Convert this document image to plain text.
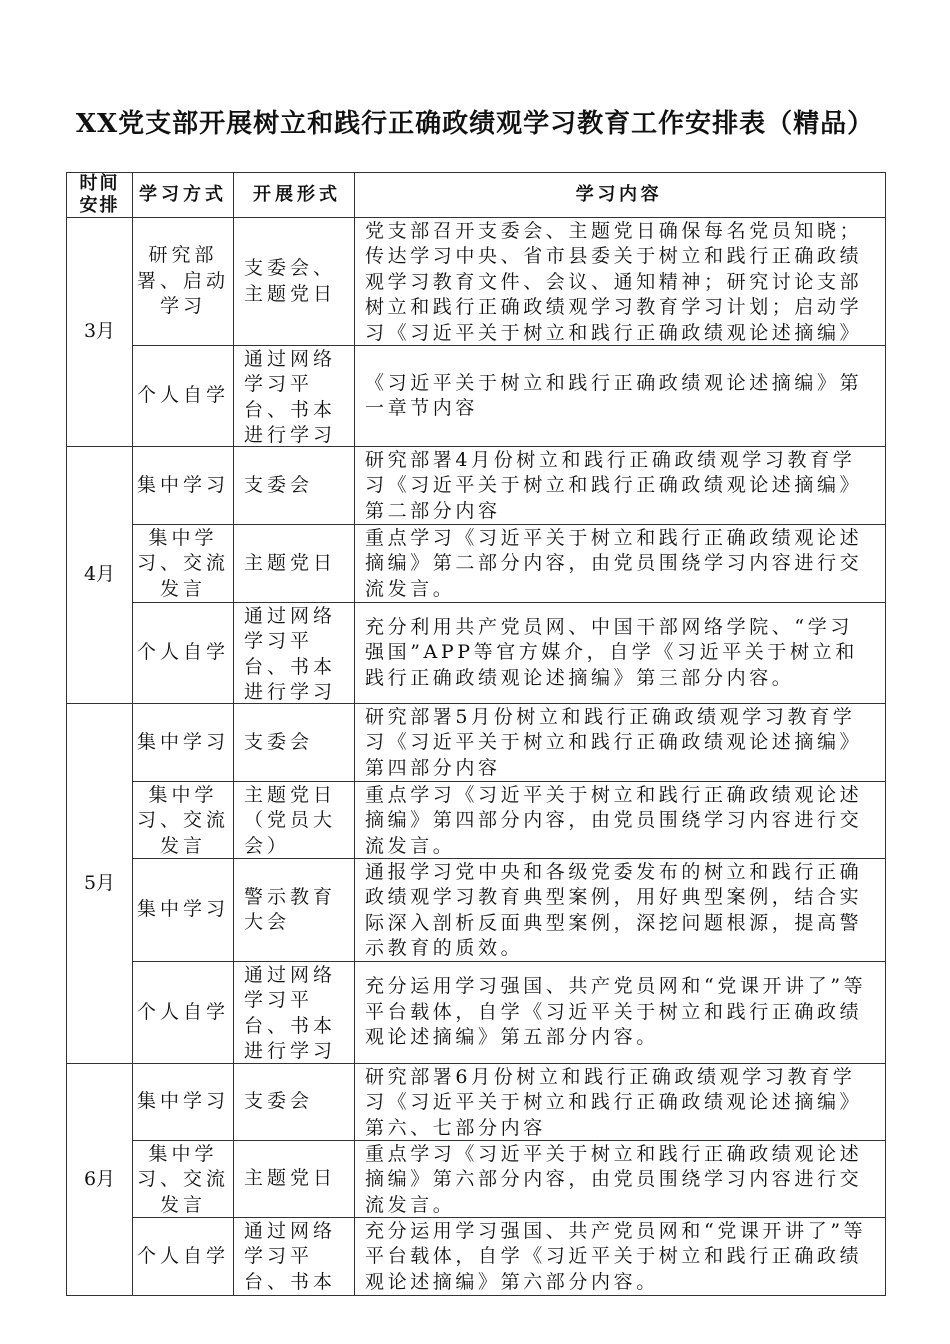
XX党支部开展树立和践行正确政绩观学习教育工作安排表（精品）
时间安排	学习方式	开展形式	学习内容
3月	研究部署、启动学习	支委会、主题党日	党支部召开支委会、主题党日确保每名党员知晓；传达学习中央、省市县委关于树立和践行正确政绩观学习教育文件、会议、通知精神；研究讨论支部树立和践行正确政绩观学习教育学习计划；启动学习《习近平关于树立和践行正确政绩观论述摘编》

	个人自学	通过网络学习平台、书本进行学习	《习近平关于树立和践行正确政绩观论述摘编》第一章节内容

4月	集中学习	支委会	研究部署4月份树立和践行正确政绩观学习教育学习《习近平关于树立和践行正确政绩观论述摘编》第二部分内容

	集中学习、交流发言	主题党日	重点学习《习近平关于树立和践行正确政绩观论述摘编》第二部分内容，由党员围绕学习内容进行交流发言。

	个人自学	通过网络学习平台、书本进行学习	充分利用共产党员网、中国干部网络学院、“学习强国”APP等官方媒介，自学《习近平关于树立和践行正确政绩观论述摘编》第三部分内容。

5月	集中学习	支委会	研究部署5月份树立和践行正确政绩观学习教育学习《习近平关于树立和践行正确政绩观论述摘编》第四部分内容

	集中学习、交流发言	主题党日（党员大会）	重点学习《习近平关于树立和践行正确政绩观论述摘编》第四部分内容，由党员围绕学习内容进行交流发言。

	集中学习	警示教育大会	通报学习党中央和各级党委发布的树立和践行正确政绩观学习教育典型案例，用好典型案例，结合实际深入剖析反面典型案例，深挖问题根源，提高警示教育的质效。

	个人自学	通过网络学习平台、书本进行学习	充分运用学习强国、共产党员网和“党课开讲了”等平台载体，自学《习近平关于树立和践行正确政绩观论述摘编》第五部分内容。

6月	集中学习	支委会	研究部署6月份树立和践行正确政绩观学习教育学习《习近平关于树立和践行正确政绩观论述摘编》第六、七部分内容

	集中学习、交流发言	主题党日	重点学习《习近平关于树立和践行正确政绩观论述摘编》第六部分内容，由党员围绕学习内容进行交流发言。

	个人自学	通过网络学习平台、书本	充分运用学习强国、共产党员网和“党课开讲了”等平台载体，自学《习近平关于树立和践行正确政绩观论述摘编》第六部分内容。
